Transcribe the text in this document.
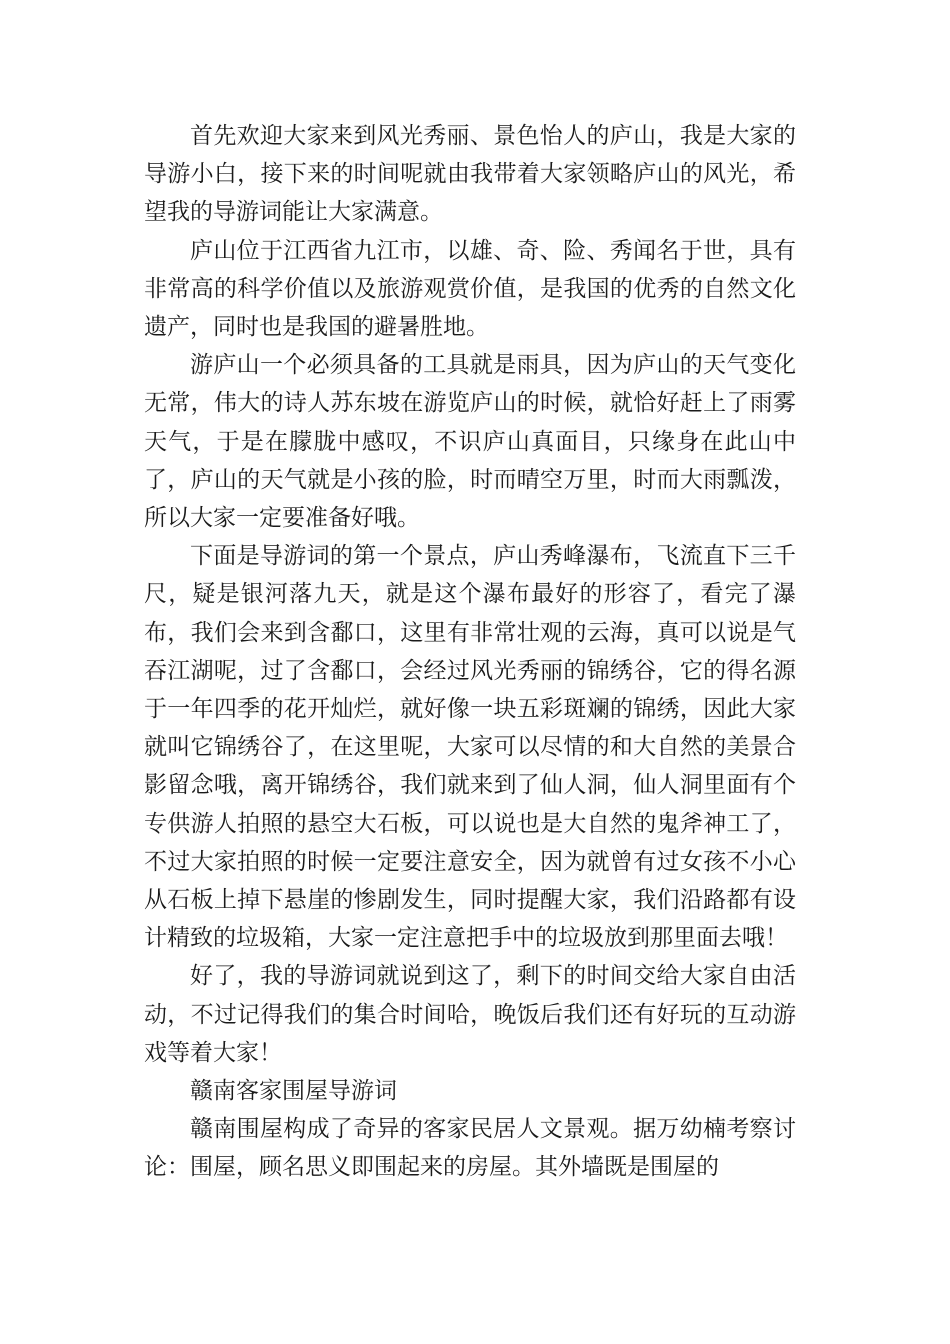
首先欢迎大家来到风光秀丽、景色怡人的庐山，我是大家的导游小白，接下来的时间呢就由我带着大家领略庐山的风光，希望我的导游词能让大家满意。

庐山位于江西省九江市，以雄、奇、险、秀闻名于世，具有非常高的科学价值以及旅游观赏价值，是我国的优秀的自然文化遗产，同时也是我国的避暑胜地。

游庐山一个必须具备的工具就是雨具，因为庐山的天气变化无常，伟大的诗人苏东坡在游览庐山的时候，就恰好赶上了雨雾天气，于是在朦胧中感叹，不识庐山真面目，只缘身在此山中了，庐山的天气就是小孩的脸，时而晴空万里，时而大雨瓢泼，所以大家一定要准备好哦。

下面是导游词的第一个景点，庐山秀峰瀑布，飞流直下三千尺，疑是银河落九天，就是这个瀑布最好的形容了，看完了瀑布，我们会来到含鄱口，这里有非常壮观的云海，真可以说是气吞江湖呢，过了含鄱口，会经过风光秀丽的锦绣谷，它的得名源于一年四季的花开灿烂，就好像一块五彩斑斓的锦绣，因此大家就叫它锦绣谷了，在这里呢，大家可以尽情的和大自然的美景合影留念哦，离开锦绣谷，我们就来到了仙人洞，仙人洞里面有个专供游人拍照的悬空大石板，可以说也是大自然的鬼斧神工了，不过大家拍照的时候一定要注意安全，因为就曾有过女孩不小心从石板上掉下悬崖的惨剧发生，同时提醒大家，我们沿路都有设计精致的垃圾箱，大家一定注意把手中的垃圾放到那里面去哦！

好了，我的导游词就说到这了，剩下的时间交给大家自由活动，不过记得我们的集合时间哈，晚饭后我们还有好玩的互动游戏等着大家！

赣南客家围屋导游词

赣南围屋构成了奇异的客家民居人文景观。据万幼楠考察讨论：围屋，顾名思义即围起来的房屋。其外墙既是围屋的
